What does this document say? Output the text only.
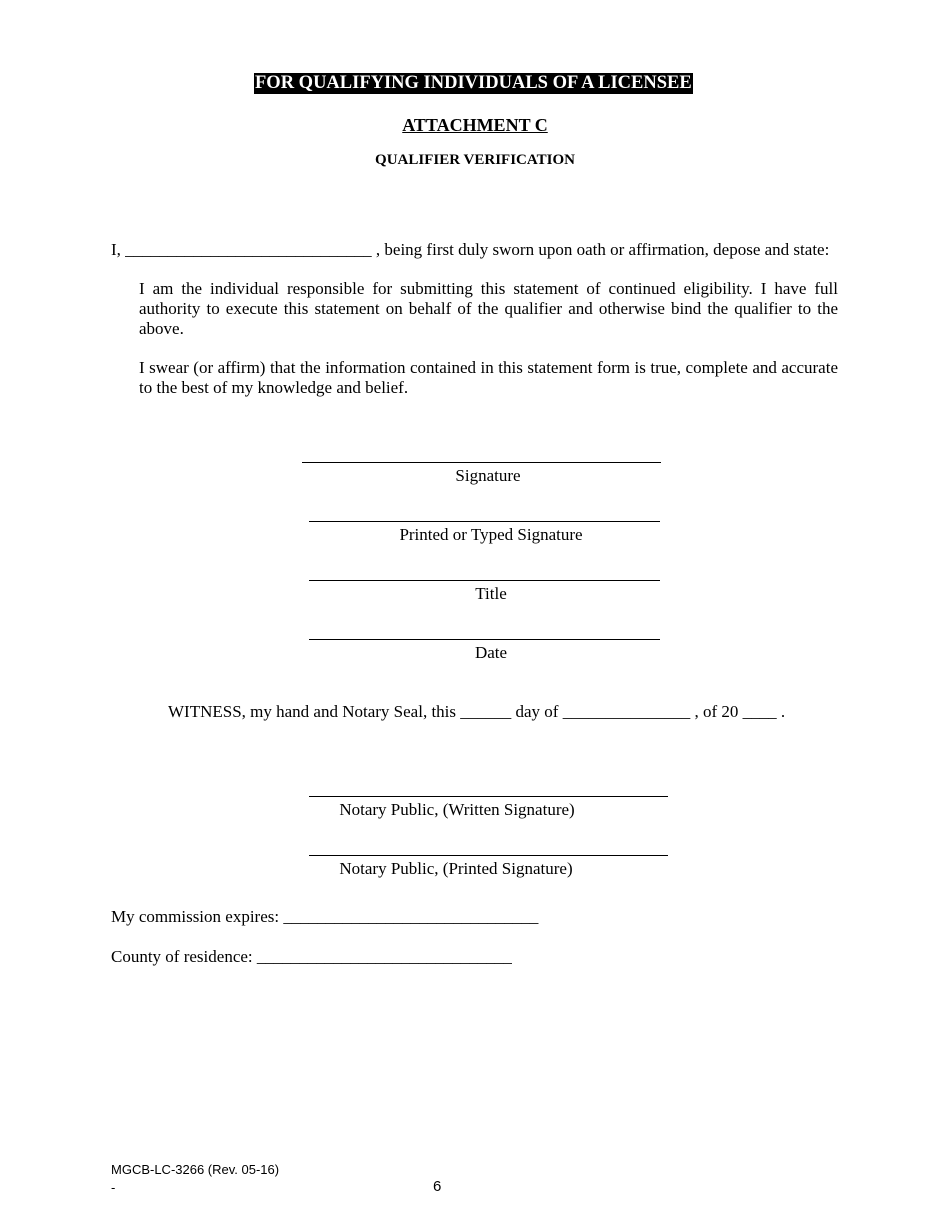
FOR QUALIFYING INDIVIDUALS OF A LICENSEE
ATTACHMENT C
QUALIFIER VERIFICATION
I, _____________________________ , being first duly sworn upon oath or affirmation, depose and state:
I am the individual responsible for submitting this statement of continued eligibility. I have full authority to execute this statement on behalf of the qualifier and otherwise bind the qualifier to the above.
I swear (or affirm) that the information contained in this statement form is true, complete and accurate to the best of my knowledge and belief.
Signature
Printed or Typed Signature
Title
Date
WITNESS, my hand and Notary Seal, this ______ day of _______________ , of 20 ____ .
Notary Public, (Written Signature)
Notary Public, (Printed Signature)
My commission expires: ______________________________
County of residence: ______________________________
MGCB-LC-3266 (Rev. 05-16)
-	6
